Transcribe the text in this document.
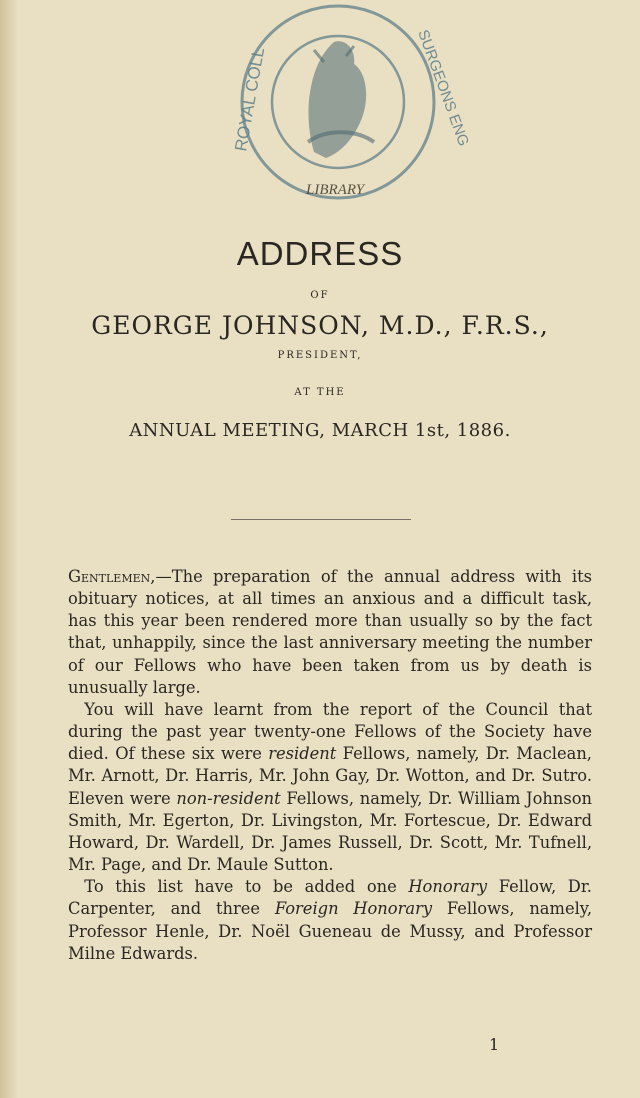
ROYAL COLL	SURGEONS ENG
LIBRARY
ADDRESS
OF
GEORGE JOHNSON, M.D., F.R.S.,
PRESIDENT,
AT THE
ANNUAL MEETING, MARCH 1st, 1886.

Gentlemen,—The preparation of the annual address with its obituary notices, at all times an anxious and a difficult task, has this year been rendered more than usually so by the fact that, unhappily, since the last anniversary meeting the number of our Fellows who have been taken from us by death is unusually large.

 You will have learnt from the report of the Council that during the past year twenty-one Fellows of the Society have died. Of these six were resident Fellows, namely, Dr. Maclean, Mr. Arnott, Dr. Harris, Mr. John Gay, Dr. Wotton, and Dr. Sutro. Eleven were non-resident Fellows, namely, Dr. William Johnson Smith, Mr. Egerton, Dr. Livingston, Mr. Fortescue, Dr. Edward Howard, Dr. Wardell, Dr. James Russell, Dr. Scott, Mr. Tufnell, Mr. Page, and Dr. Maule Sutton.

 To this list have to be added one Honorary Fellow, Dr. Carpenter, and three Foreign Honorary Fellows, namely, Professor Henle, Dr. Noël Gueneau de Mussy, and Professor Milne Edwards.

1
